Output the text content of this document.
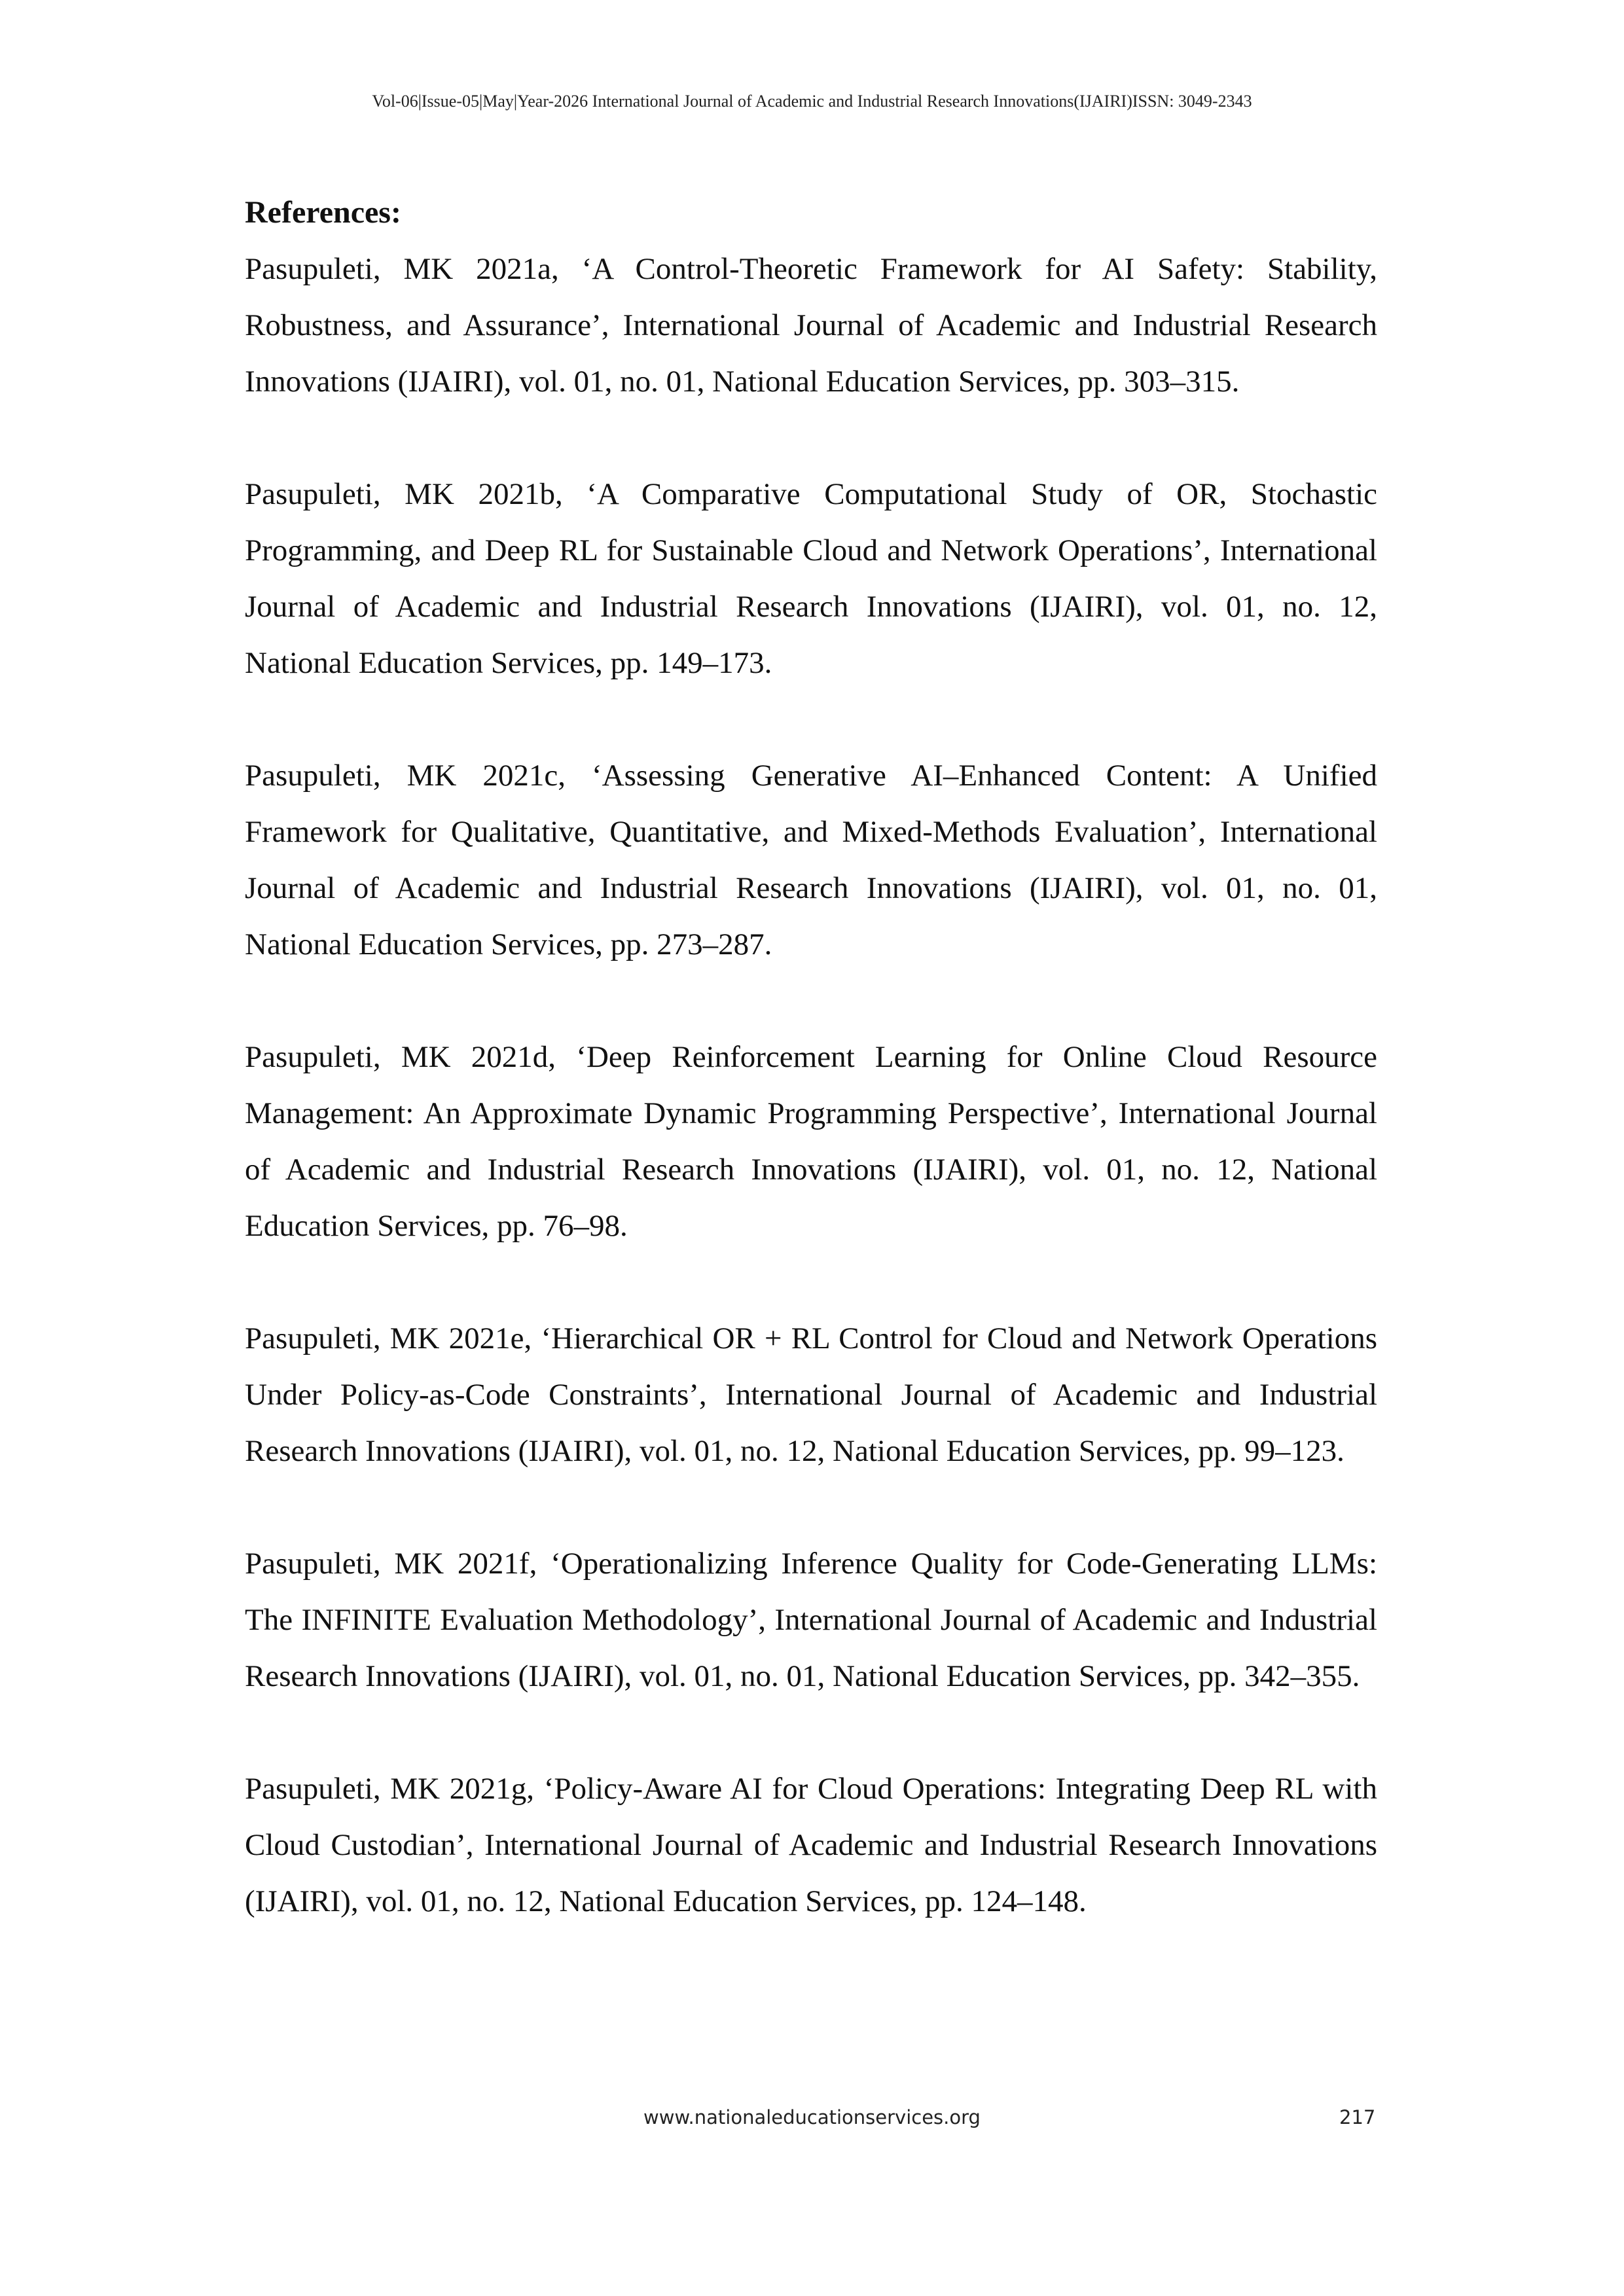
Vol-06|Issue-05|May|Year-2026 International Journal of Academic and Industrial Research Innovations(IJAIRI)ISSN: 3049-2343
References:
Pasupuleti, MK 2021a, ‘A Control-Theoretic Framework for AI Safety: Stability, Robustness, and Assurance’, International Journal of Academic and Industrial Research Innovations (IJAIRI), vol. 01, no. 01, National Education Services, pp. 303–315.
Pasupuleti, MK 2021b, ‘A Comparative Computational Study of OR, Stochastic Programming, and Deep RL for Sustainable Cloud and Network Operations’, International Journal of Academic and Industrial Research Innovations (IJAIRI), vol. 01, no. 12, National Education Services, pp. 149–173.
Pasupuleti, MK 2021c, ‘Assessing Generative AI–Enhanced Content: A Unified Framework for Qualitative, Quantitative, and Mixed-Methods Evaluation’, International Journal of Academic and Industrial Research Innovations (IJAIRI), vol. 01, no. 01, National Education Services, pp. 273–287.
Pasupuleti, MK 2021d, ‘Deep Reinforcement Learning for Online Cloud Resource Management: An Approximate Dynamic Programming Perspective’, International Journal of Academic and Industrial Research Innovations (IJAIRI), vol. 01, no. 12, National Education Services, pp. 76–98.
Pasupuleti, MK 2021e, ‘Hierarchical OR + RL Control for Cloud and Network Operations Under Policy-as-Code Constraints’, International Journal of Academic and Industrial Research Innovations (IJAIRI), vol. 01, no. 12, National Education Services, pp. 99–123.
Pasupuleti, MK 2021f, ‘Operationalizing Inference Quality for Code-Generating LLMs: The INFINITE Evaluation Methodology’, International Journal of Academic and Industrial Research Innovations (IJAIRI), vol. 01, no. 01, National Education Services, pp. 342–355.
Pasupuleti, MK 2021g, ‘Policy-Aware AI for Cloud Operations: Integrating Deep RL with Cloud Custodian’, International Journal of Academic and Industrial Research Innovations (IJAIRI), vol. 01, no. 12, National Education Services, pp. 124–148.
www.nationaleducationservices.org	217
